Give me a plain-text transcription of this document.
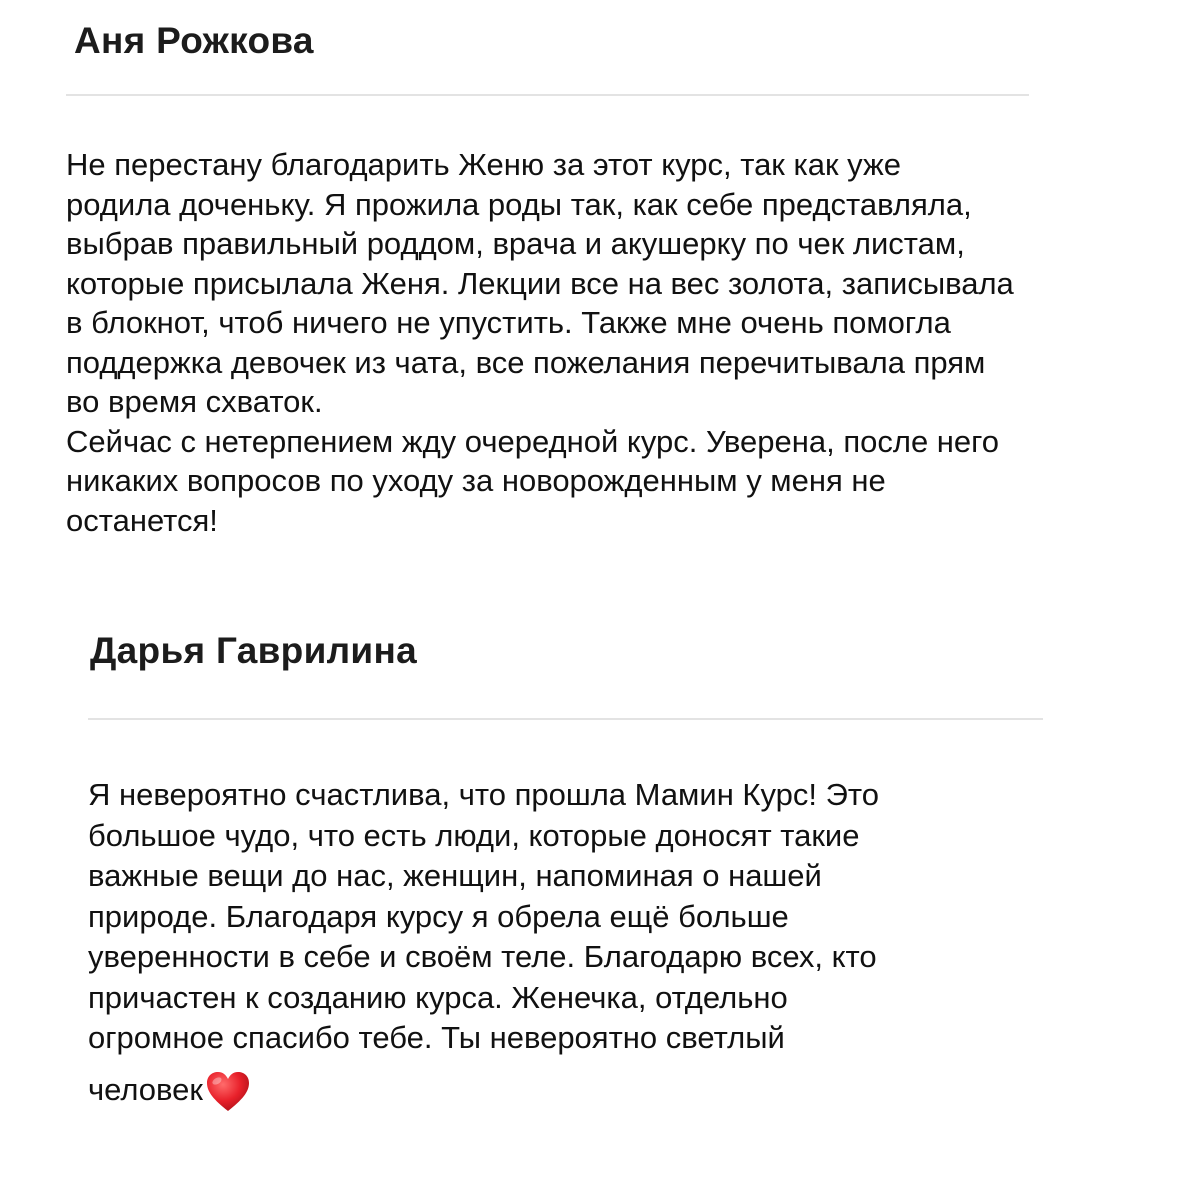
Аня Рожкова

Не перестану благодарить Женю за этот курс, так как уже
родила доченьку. Я прожила роды так, как себе представляла,
выбрав правильный роддом, врача и акушерку по чек листам,
которые присылала Женя. Лекции все на вес золота, записывала
в блокнот, чтоб ничего не упустить. Также мне очень помогла
поддержка девочек из чата, все пожелания перечитывала прям
во время схваток.
Сейчас с нетерпением жду очередной курс. Уверена, после него
никаких вопросов по уходу за новорожденным у меня не
останется!

Дарья Гаврилина

Я невероятно счастлива, что прошла Мамин Курс! Это
большое чудо, что есть люди, которые доносят такие
важные вещи до нас, женщин, напоминая о нашей
природе. Благодаря курсу я обрела ещё больше
уверенности в себе и своём теле. Благодарю всех, кто
причастен к созданию курса. Женечка, отдельно
огромное спасибо тебе. Ты невероятно светлый
человек
